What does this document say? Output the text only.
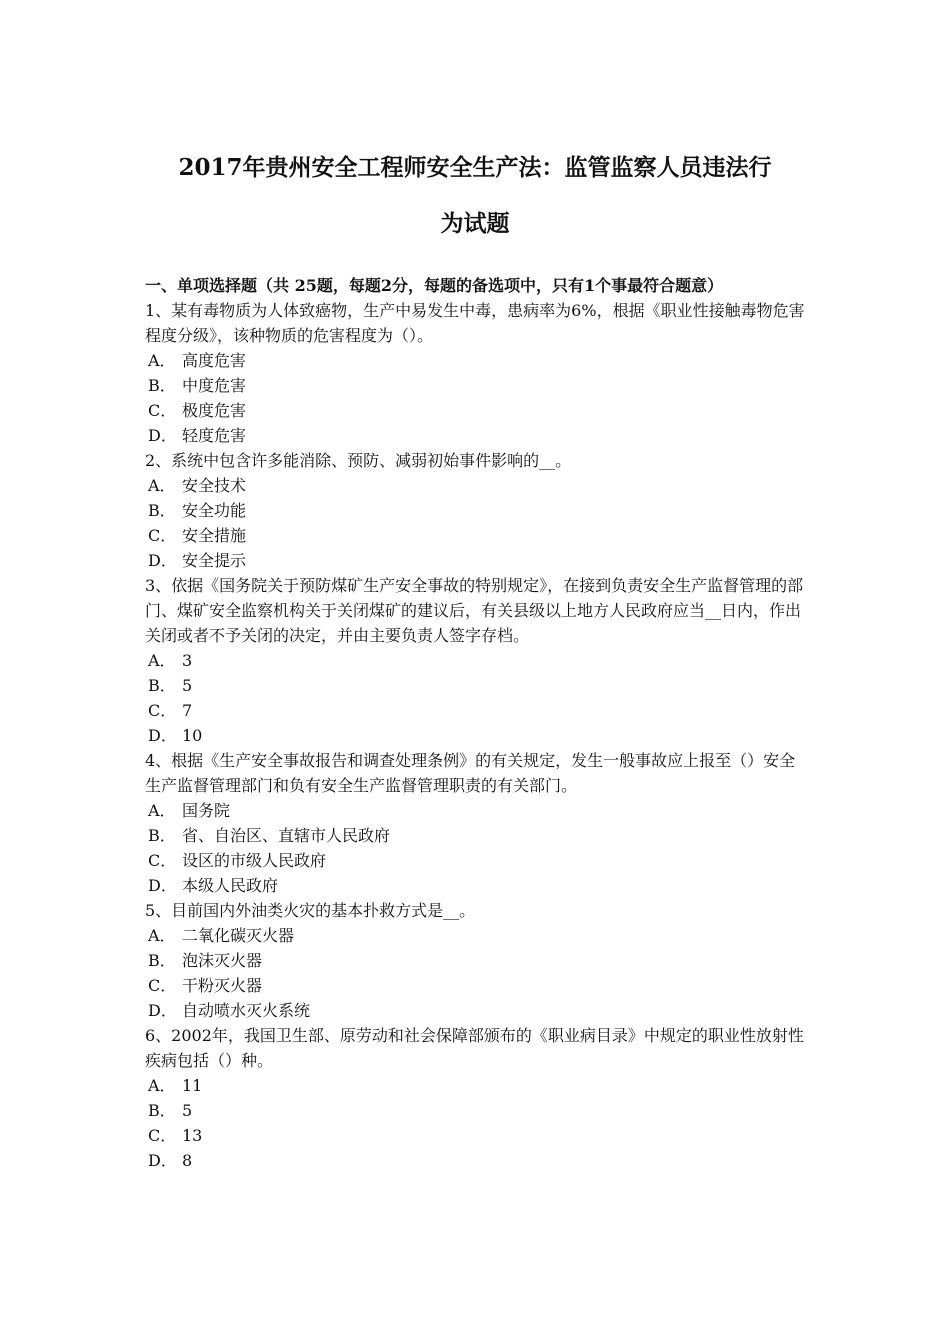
2017年贵州安全工程师安全生产法：监管监察人员违法行
为试题
一、单项选择题（共 25题，每题2分，每题的备选项中，只有1个事最符合题意）

1、某有毒物质为人体致癌物，生产中易发生中毒，患病率为6%，根据《职业性接触毒物危害程度分级》，该种物质的危害程度为（）。

A． 高度危害
B． 中度危害
C． 极度危害
D． 轻度危害

2、系统中包含许多能消除、预防、减弱初始事件影响的__。

A． 安全技术
B． 安全功能
C． 安全措施
D． 安全提示

3、依据《国务院关于预防煤矿生产安全事故的特别规定》，在接到负责安全生产监督管理的部门、煤矿安全监察机构关于关闭煤矿的建议后，有关县级以上地方人民政府应当__日内，作出关闭或者不予关闭的决定，并由主要负责人签字存档。

A． 3
B． 5
C． 7
D． 10

4、根据《生产安全事故报告和调查处理条例》的有关规定，发生一般事故应上报至（）安全生产监督管理部门和负有安全生产监督管理职责的有关部门。

A． 国务院
B． 省、自治区、直辖市人民政府
C． 设区的市级人民政府
D． 本级人民政府

5、目前国内外油类火灾的基本扑救方式是__。

A． 二氧化碳灭火器
B． 泡沫灭火器
C． 干粉灭火器
D． 自动喷水灭火系统

6、2002年，我国卫生部、原劳动和社会保障部颁布的《职业病目录》中规定的职业性放射性疾病包括（）种。

A． 11
B． 5
C． 13
D． 8
